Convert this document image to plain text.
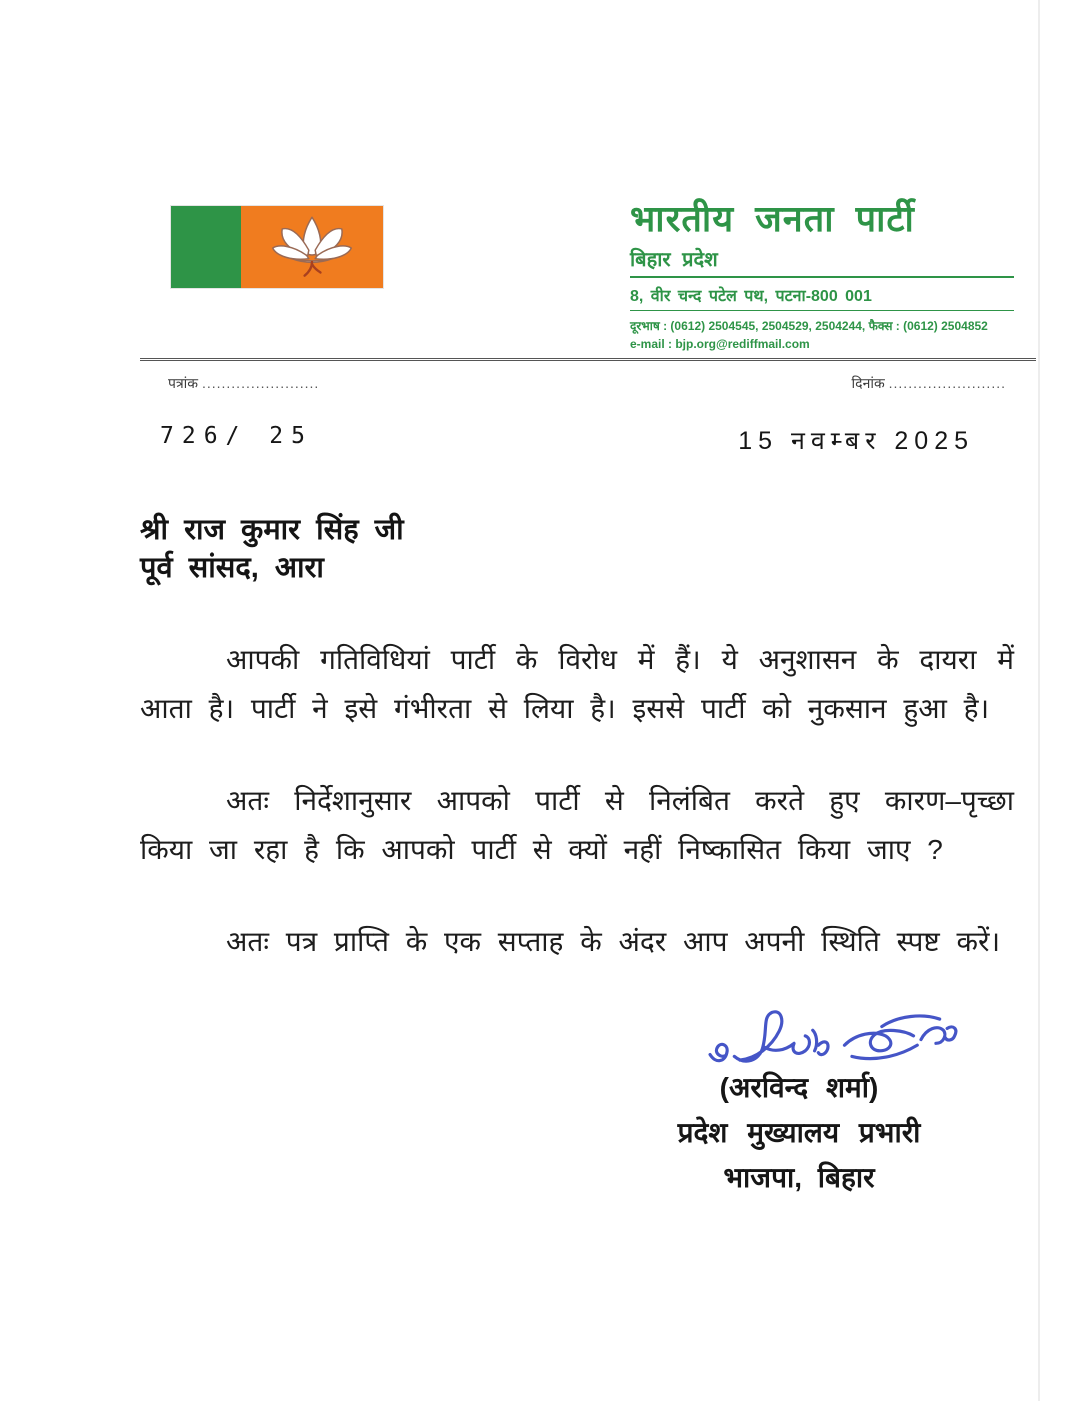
भारतीय जनता पार्टी
बिहार प्रदेश
8, वीर चन्द पटेल पथ, पटना-800 001
दूरभाष : (0612) 2504545, 2504529, 2504244, फैक्स : (0612) 2504852
e-mail : bjp.org@rediffmail.com
पत्रांक ........................	दिनांक ........................
726/ 25	15 नवम्बर 2025
श्री राज कुमार सिंह जी
पूर्व सांसद, आरा

आपकी गतिविधियां पार्टी के विरोध में हैं। ये अनुशासन के दायरा में आता है। पार्टी ने इसे गंभीरता से लिया है। इससे पार्टी को नुकसान हुआ है।

अतः निर्देशानुसार आपको पार्टी से निलंबित करते हुए कारण–पृच्छा किया जा रहा है कि आपको पार्टी से क्यों नहीं निष्कासित किया जाए ?

अतः पत्र प्राप्ति के एक सप्ताह के अंदर आप अपनी स्थिति स्पष्ट करें।

(अरविन्द शर्मा)
प्रदेश मुख्यालय प्रभारी
भाजपा, बिहार
